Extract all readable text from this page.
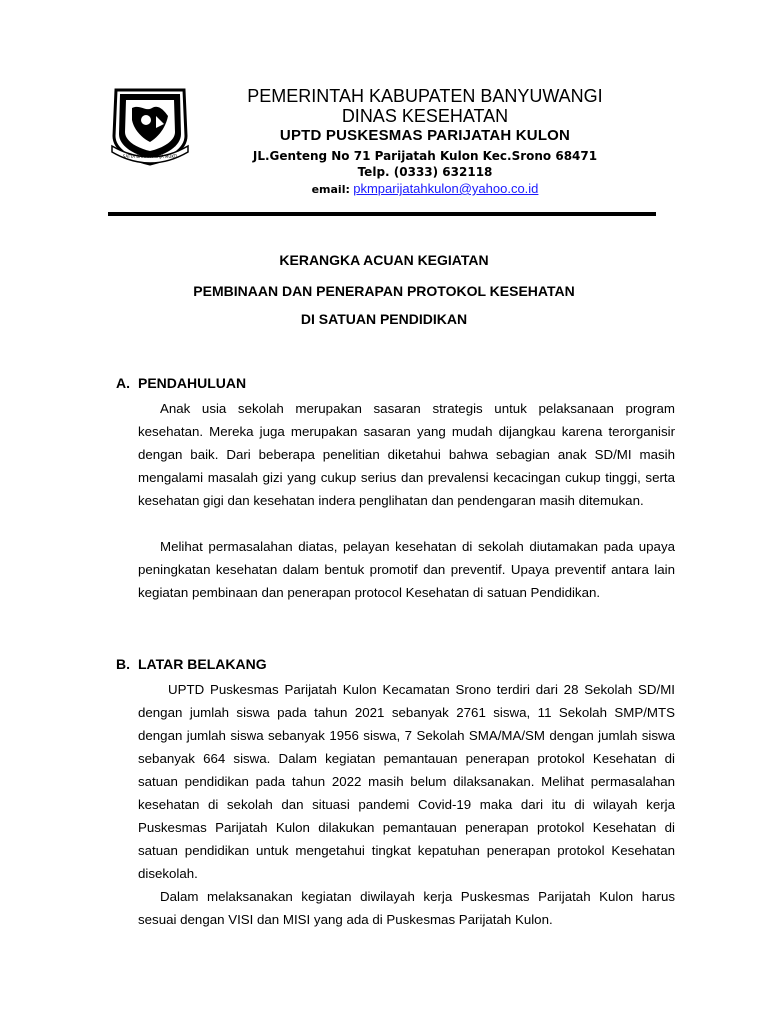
SATYA BHAKTI PRAJA MUKTI
PEMERINTAH KABUPATEN BANYUWANGI
DINAS KESEHATAN
UPTD PUSKESMAS PARIJATAH KULON
JL.Genteng No 71 Parijatah Kulon Kec.Srono 68471
Telp. (0333) 632118
email: pkmparijatahkulon@yahoo.co.id
KERANGKA ACUAN KEGIATAN
PEMBINAAN DAN PENERAPAN PROTOKOL KESEHATAN
DI SATUAN PENDIDIKAN
A. PENDAHULUAN

Anak usia sekolah merupakan sasaran strategis untuk pelaksanaan program kesehatan. Mereka juga merupakan sasaran yang mudah dijangkau karena terorganisir dengan baik. Dari beberapa penelitian diketahui bahwa sebagian anak SD/MI masih mengalami masalah gizi yang cukup serius dan prevalensi kecacingan cukup tinggi, serta kesehatan gigi dan kesehatan indera penglihatan dan pendengaran masih ditemukan.

Melihat permasalahan diatas, pelayan kesehatan di sekolah diutamakan pada upaya peningkatan kesehatan dalam bentuk promotif dan preventif. Upaya preventif antara lain kegiatan pembinaan dan penerapan protocol Kesehatan di satuan Pendidikan.

B. LATAR BELAKANG

UPTD Puskesmas Parijatah Kulon Kecamatan Srono terdiri dari 28 Sekolah SD/MI dengan jumlah siswa pada tahun 2021 sebanyak 2761 siswa, 11 Sekolah SMP/MTS dengan jumlah siswa sebanyak 1956 siswa, 7 Sekolah SMA/MA/SM dengan jumlah siswa sebanyak 664 siswa. Dalam kegiatan pemantauan penerapan protokol Kesehatan di satuan pendidikan pada tahun 2022 masih belum dilaksanakan. Melihat permasalahan kesehatan di sekolah dan situasi pandemi Covid-19 maka dari itu di wilayah kerja Puskesmas Parijatah Kulon dilakukan pemantauan penerapan protokol Kesehatan di satuan pendidikan untuk mengetahui tingkat kepatuhan penerapan protokol Kesehatan disekolah.

Dalam melaksanakan kegiatan diwilayah kerja Puskesmas Parijatah Kulon harus sesuai dengan VISI dan MISI yang ada di Puskesmas Parijatah Kulon.
